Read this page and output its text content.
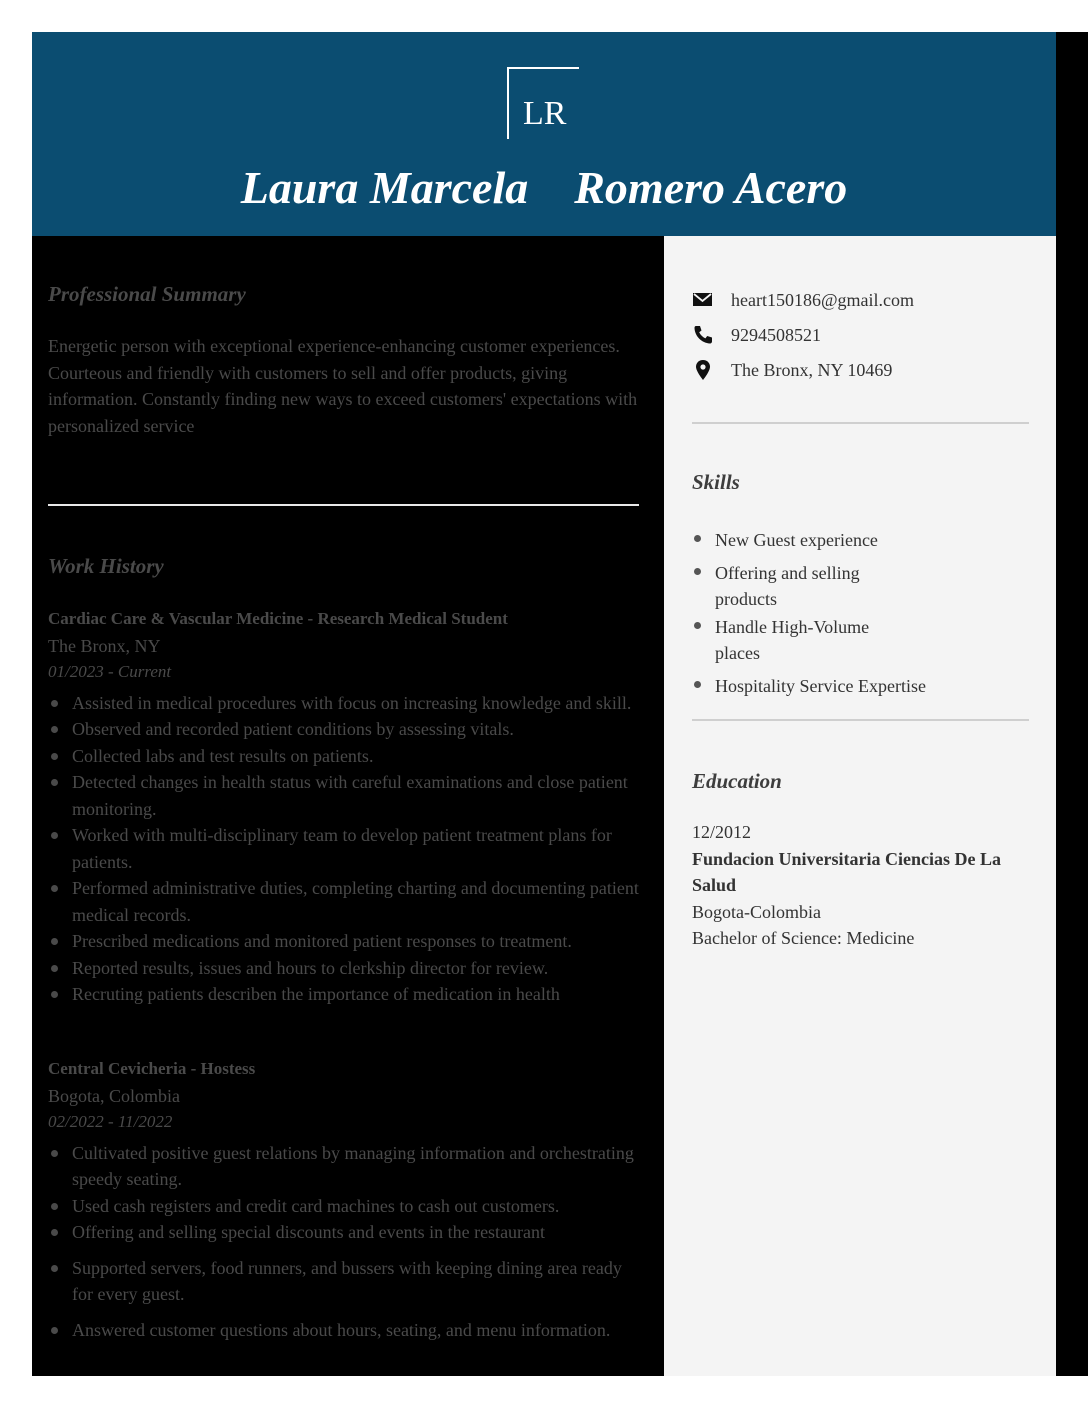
LR
Laura Marcela Romero Acero
Professional Summary
Energetic person with exceptional experience-enhancing customer experiences. Courteous and friendly with customers to sell and offer products, giving information. Constantly finding new ways to exceed customers' expectations with personalized service
Work History
Cardiac Care & Vascular Medicine - Research Medical Student
The Bronx, NY
01/2023 - Current
Assisted in medical procedures with focus on increasing knowledge and skill.
Observed and recorded patient conditions by assessing vitals.
Collected labs and test results on patients.
Detected changes in health status with careful examinations and close patient monitoring.
Worked with multi-disciplinary team to develop patient treatment plans for patients.
Performed administrative duties, completing charting and documenting patient medical records.
Prescribed medications and monitored patient responses to treatment.
Reported results, issues and hours to clerkship director for review.
Recruting patients describen the importance of medication in health
Central Cevicheria - Hostess
Bogota, Colombia
02/2022 - 11/2022
Cultivated positive guest relations by managing information and orchestrating speedy seating.
Used cash registers and credit card machines to cash out customers.
Offering and selling special discounts and events in the restaurant
Supported servers, food runners, and bussers with keeping dining area ready for every guest.
Answered customer questions about hours, seating, and menu information.
heart150186@gmail.com
9294508521
The Bronx, NY 10469
Skills
New Guest experience
Offering and selling products
Handle High-Volume places
Hospitality Service Expertise
Education
12/2012
Fundacion Universitaria Ciencias De La Salud
Bogota-Colombia
Bachelor of Science: Medicine
